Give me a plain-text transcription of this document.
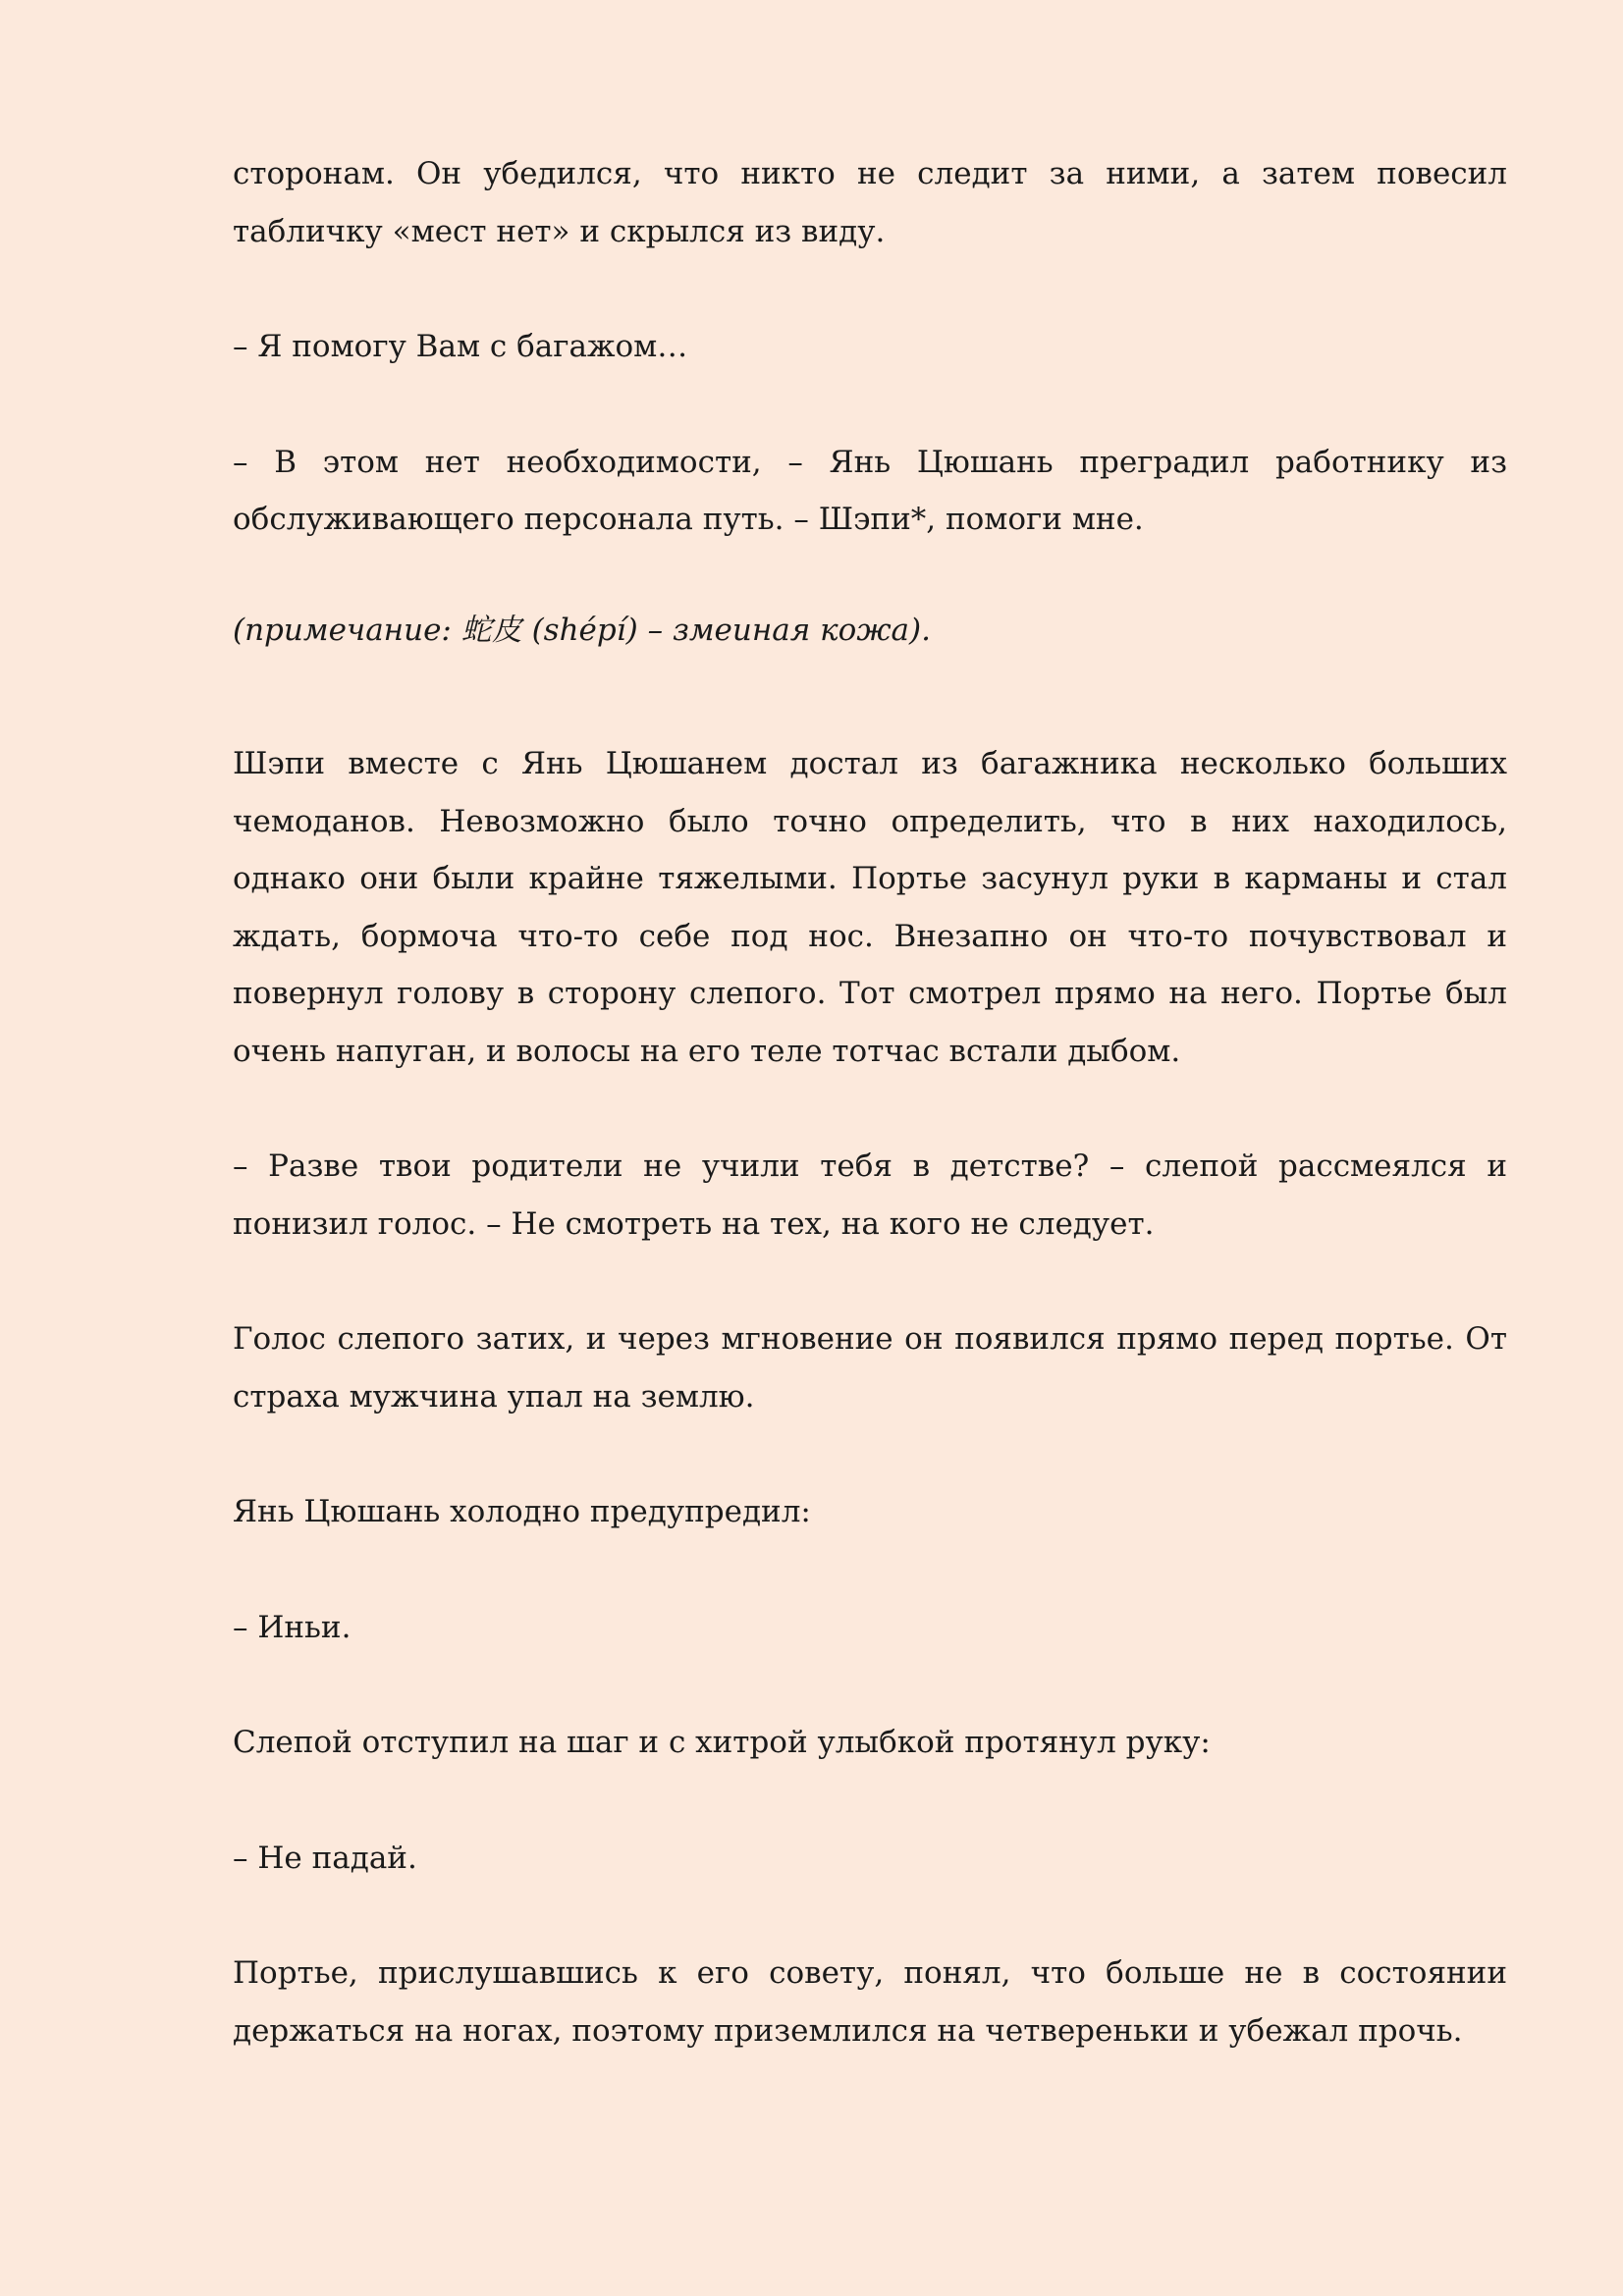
сторонам. Он убедился, что никто не следит за ними, а затем повесил табличку «мест нет» и скрылся из виду.

– Я помогу Вам с багажом…

– В этом нет необходимости, – Янь Цюшань преградил работнику из обслуживающего персонала путь. – Шэпи*, помоги мне.

(примечание: 蛇皮 (shépí) – змеиная кожа).

Шэпи вместе с Янь Цюшанем достал из багажника несколько больших чемоданов. Невозможно было точно определить, что в них находилось, однако они были крайне тяжелыми. Портье засунул руки в карманы и стал ждать, бормоча что-то себе под нос. Внезапно он что-то почувствовал и повернул голову в сторону слепого. Тот смотрел прямо на него. Портье был очень напуган, и волосы на его теле тотчас встали дыбом.

– Разве твои родители не учили тебя в детстве? – слепой рассмеялся и понизил голос. – Не смотреть на тех, на кого не следует.

Голос слепого затих, и через мгновение он появился прямо перед портье. От страха мужчина упал на землю.

Янь Цюшань холодно предупредил:

– Иньи.

Слепой отступил на шаг и с хитрой улыбкой протянул руку:

– Не падай.

Портье, прислушавшись к его совету, понял, что больше не в состоянии держаться на ногах, поэтому приземлился на четвереньки и убежал прочь.
